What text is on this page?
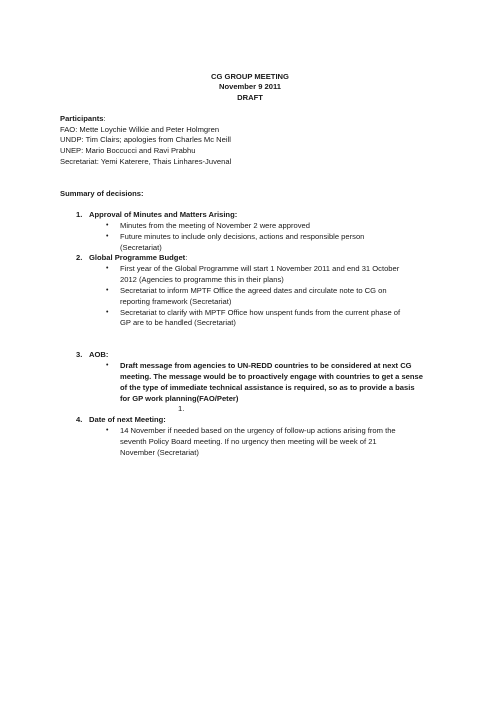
CG GROUP MEETING
November 9 2011
DRAFT
Participants:
FAO: Mette Loychie Wilkie and Peter Holmgren
UNDP: Tim Clairs; apologies from Charles Mc Neill
UNEP: Mario Boccucci and Ravi Prabhu
Secretariat: Yemi Katerere, Thais Linhares-Juvenal
Summary of decisions:
1. Approval of Minutes and Matters Arising:
• Minutes from the meeting of November 2 were approved
• Future minutes to include only decisions, actions and responsible person
(Secretariat)
2. Global Programme Budget:
• First year of the Global Programme will start 1 November 2011 and end 31 October
2012 (Agencies to programme this in their plans)
• Secretariat to inform MPTF Office the agreed dates and circulate note to CG on
reporting framework (Secretariat)
• Secretariat to clarify with MPTF Office how unspent funds from the current phase of
GP are to be handled (Secretariat)
3. AOB:
• Draft message from agencies to UN-REDD countries to be considered at next CG
meeting. The message would be to proactively engage with countries to get a sense
of the type of immediate technical assistance is required, so as to provide a basis
for GP work planning(FAO/Peter)
1.
4. Date of next Meeting:
• 14 November if needed based on the urgency of follow-up actions arising from the
seventh Policy Board meeting. If no urgency then meeting will be week of 21
November (Secretariat)
